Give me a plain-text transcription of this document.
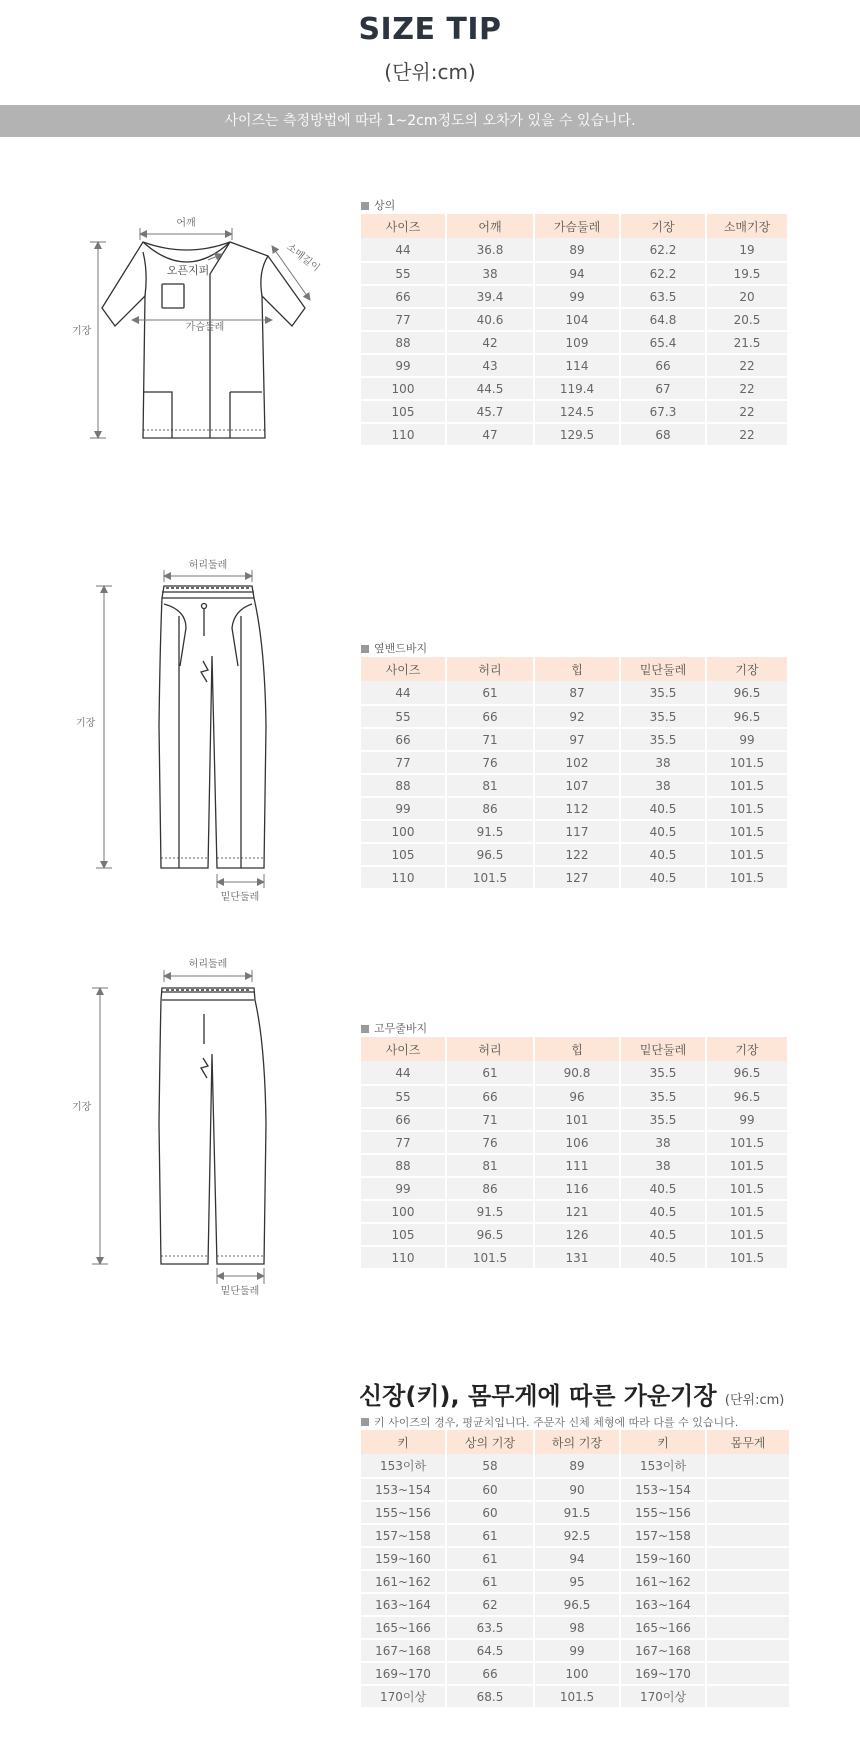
SIZE TIP
(단위:cm)
사이즈는 측정방법에 따라 1~2cm정도의 오차가 있을 수 있습니다.
어깨
소매길이
오픈지퍼
가슴둘레
기장
허리둘레
기장
밑단둘레
허리둘레
기장
밑단둘레
상의
사이즈	어깨	가슴둘레	기장	소매기장
44	36.8	89	62.2	19
55	38	94	62.2	19.5
66	39.4	99	63.5	20
77	40.6	104	64.8	20.5
88	42	109	65.4	21.5
99	43	114	66	22
100	44.5	119.4	67	22
105	45.7	124.5	67.3	22
110	47	129.5	68	22
옆밴드바지
사이즈	허리	힙	밑단둘레	기장
44	61	87	35.5	96.5
55	66	92	35.5	96.5
66	71	97	35.5	99
77	76	102	38	101.5
88	81	107	38	101.5
99	86	112	40.5	101.5
100	91.5	117	40.5	101.5
105	96.5	122	40.5	101.5
110	101.5	127	40.5	101.5
고무줄바지
사이즈	허리	힙	밑단둘레	기장
44	61	90.8	35.5	96.5
55	66	96	35.5	96.5
66	71	101	35.5	99
77	76	106	38	101.5
88	81	111	38	101.5
99	86	116	40.5	101.5
100	91.5	121	40.5	101.5
105	96.5	126	40.5	101.5
110	101.5	131	40.5	101.5
신장(키), 몸무게에 따른 가운기장 (단위:cm)
키 사이즈의 경우, 평균치입니다. 주문자 신체 체형에 따라 다를 수 있습니다.
키	상의 기장	하의 기장	키	몸무게
153이하	58	89	153이하	
153~154	60	90	153~154	
155~156	60	91.5	155~156	
157~158	61	92.5	157~158	
159~160	61	94	159~160	
161~162	61	95	161~162	
163~164	62	96.5	163~164	
165~166	63.5	98	165~166	
167~168	64.5	99	167~168	
169~170	66	100	169~170	
170이상	68.5	101.5	170이상	
